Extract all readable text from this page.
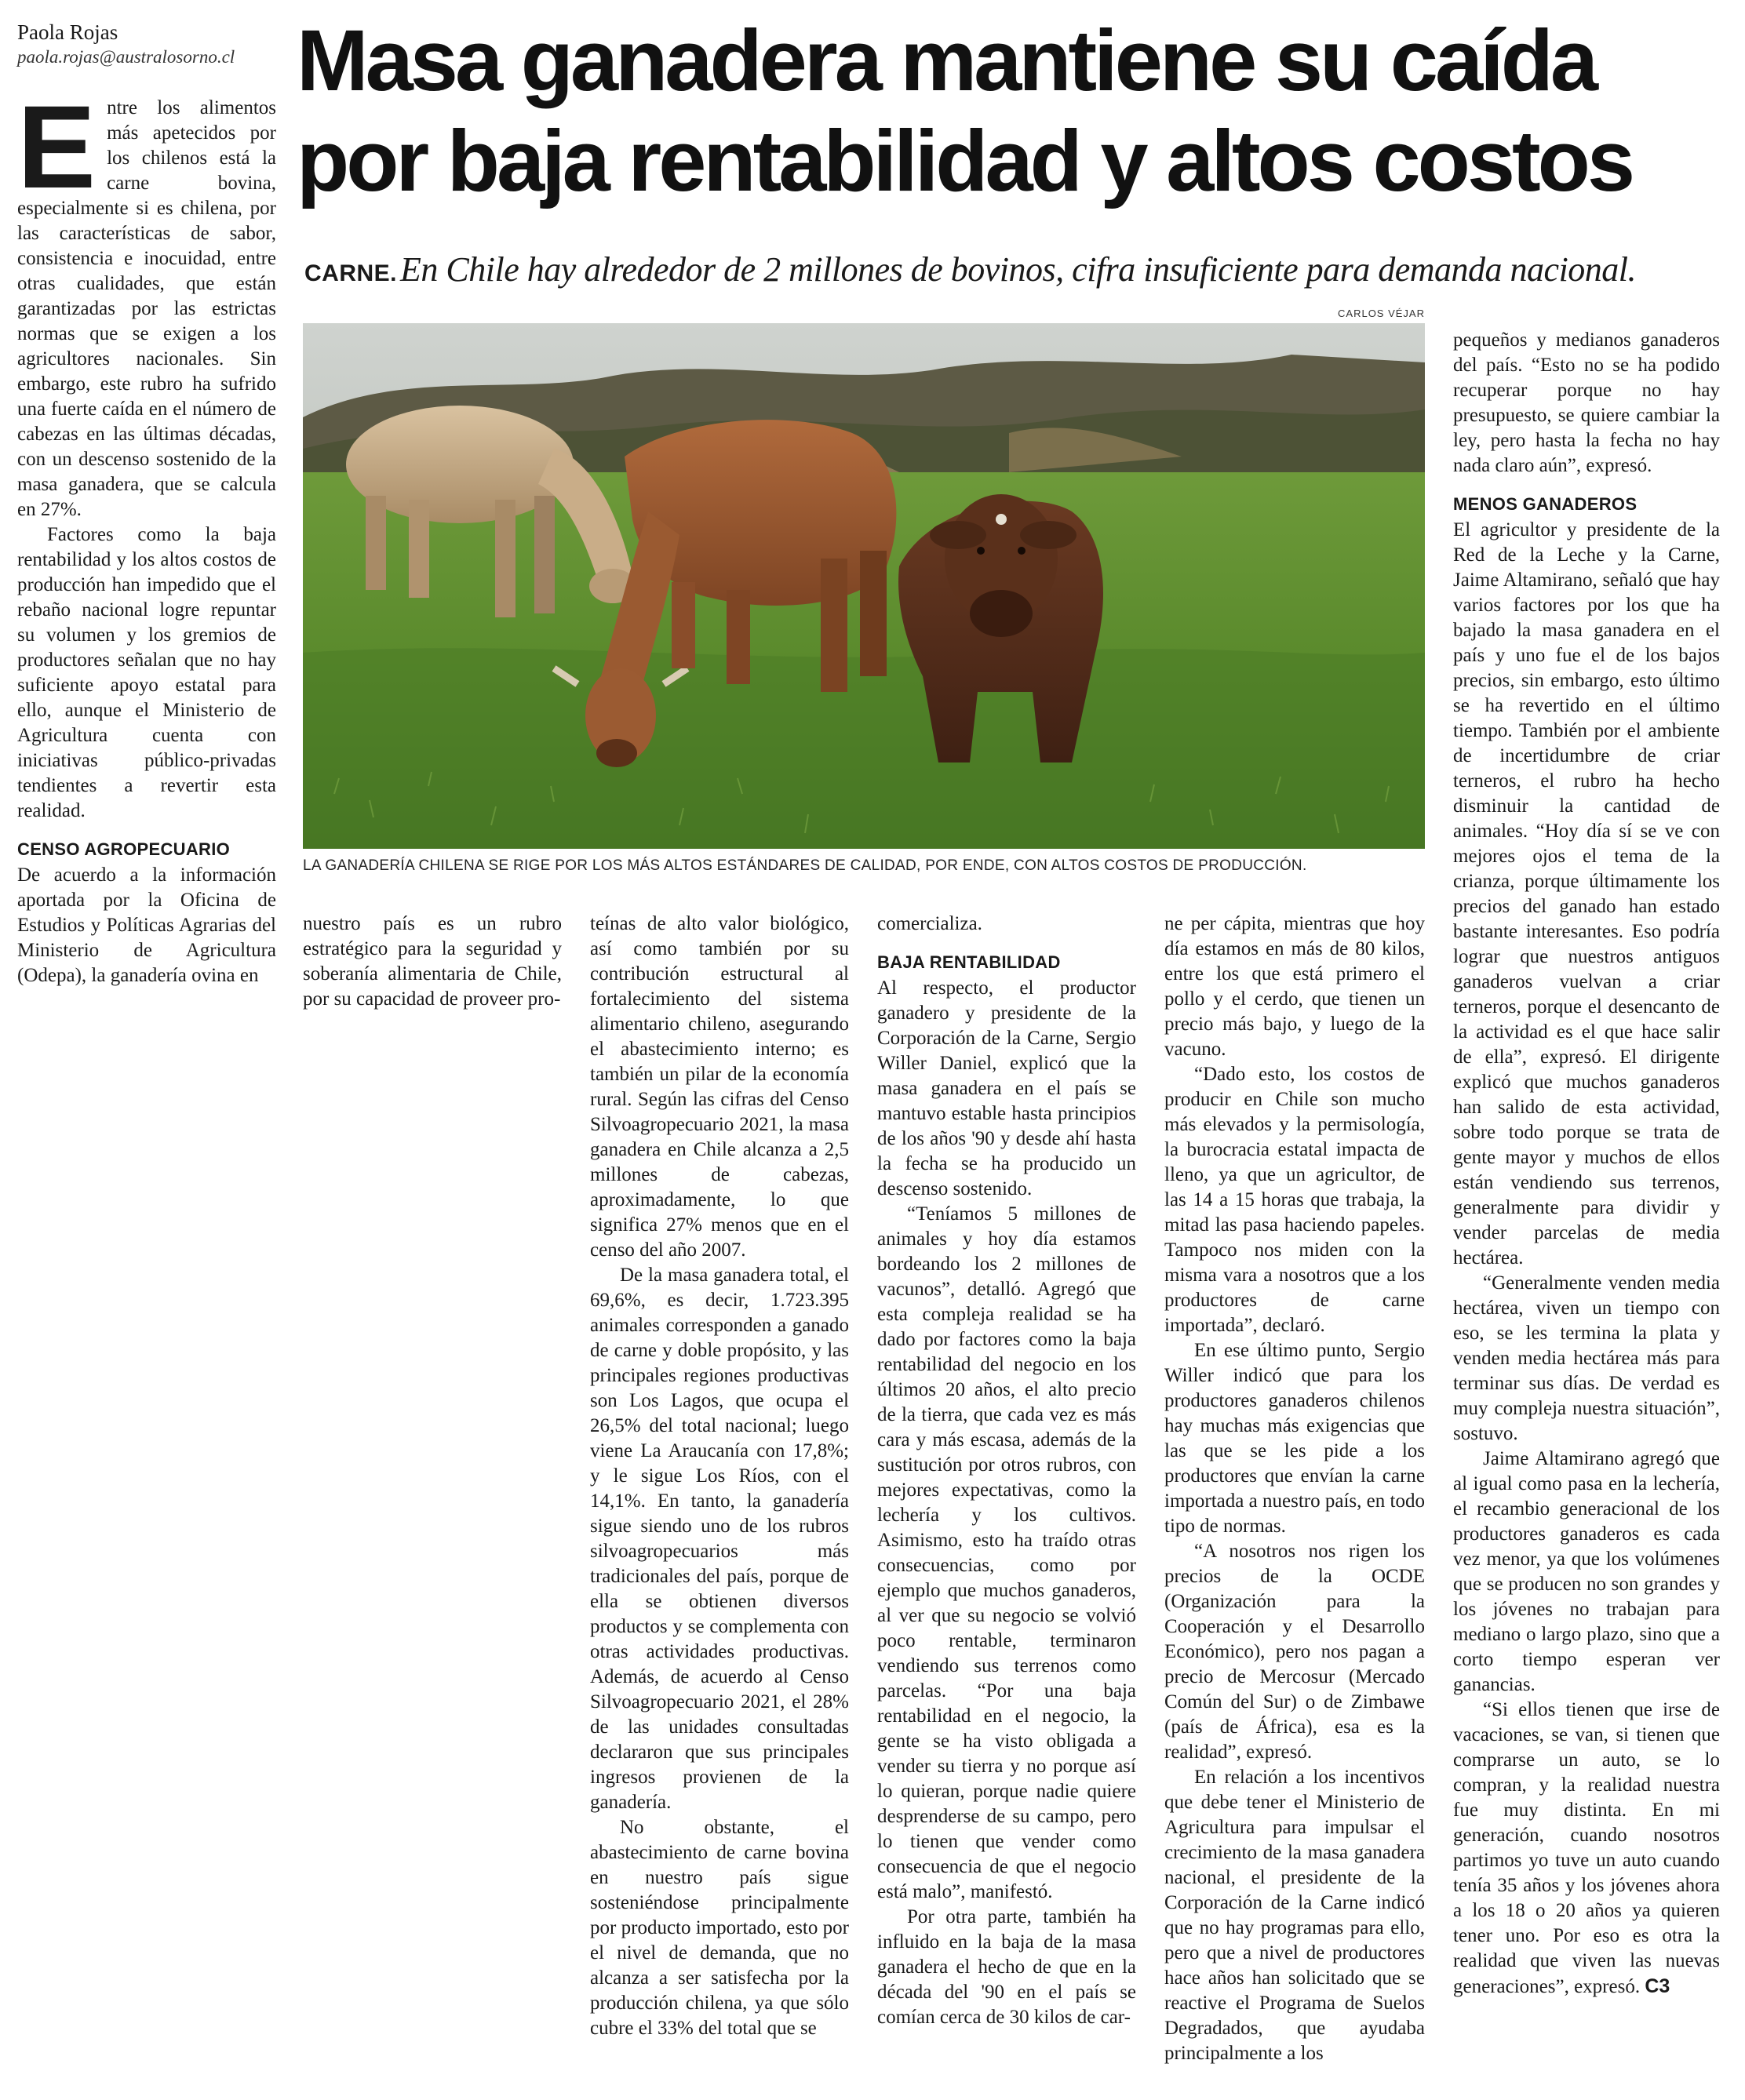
Paola Rojas
paola.rojas@australosorno.cl Masa ganadera mantiene su caída
por baja rentabilidad y altos costos
CARNE. En Chile hay alrededor de 2 millones de bovinos, cifra insuficiente para demanda nacional.
CARLOS VÉJAR
LA GANADERÍA CHILENA SE RIGE POR LOS MÁS ALTOS ESTÁNDARES DE CALIDAD, POR ENDE, CON ALTOS COSTOS DE PRODUCCIÓN.

Entre los alimentos más apetecidos por los chilenos está la carne bovina, especialmente si es chilena, por las características de sabor, consistencia e inocuidad, entre otras cualidades, que están garantizadas por las estrictas normas que se exigen a los agricultores nacionales. Sin embargo, este rubro ha sufrido una fuerte caída en el número de cabezas en las últimas décadas, con un descenso sostenido de la masa ganadera, que se calcula en 27%.

Factores como la baja rentabilidad y los altos costos de producción han impedido que el rebaño nacional logre repuntar su volumen y los gremios de productores señalan que no hay suficiente apoyo estatal para ello, aunque el Ministerio de Agricultura cuenta con iniciativas público-privadas tendientes a revertir esta realidad.

CENSO AGROPECUARIO

De acuerdo a la información aportada por la Oficina de Estudios y Políticas Agrarias del Ministerio de Agricultura (Odepa), la ganadería ovina en

nuestro país es un rubro estratégico para la seguridad y soberanía alimentaria de Chile, por su capacidad de proveer pro-

teínas de alto valor biológico, así como también por su contribución estructural al fortalecimiento del sistema alimentario chileno, asegurando el abastecimiento interno; es también un pilar de la economía rural. Según las cifras del Censo Silvoagropecuario 2021, la masa ganadera en Chile alcanza a 2,5 millones de cabezas, aproximadamente, lo que significa 27% menos que en el censo del año 2007.

De la masa ganadera total, el 69,6%, es decir, 1.723.395 animales corresponden a ganado de carne y doble propósito, y las principales regiones productivas son Los Lagos, que ocupa el 26,5% del total nacional; luego viene La Araucanía con 17,8%; y le sigue Los Ríos, con el 14,1%. En tanto, la ganadería sigue siendo uno de los rubros silvoagropecuarios más tradicionales del país, porque de ella se obtienen diversos productos y se complementa con otras actividades productivas. Además, de acuerdo al Censo Silvoagropecuario 2021, el 28% de las unidades consultadas declararon que sus principales ingresos provienen de la ganadería.

No obstante, el abastecimiento de carne bovina en nuestro país sigue sosteniéndose principalmente por producto importado, esto por el nivel de demanda, que no alcanza a ser satisfecha por la producción chilena, ya que sólo cubre el 33% del total que se

comercializa.

BAJA RENTABILIDAD

Al respecto, el productor ganadero y presidente de la Corporación de la Carne, Sergio Willer Daniel, explicó que la masa ganadera en el país se mantuvo estable hasta principios de los años '90 y desde ahí hasta la fecha se ha producido un descenso sostenido.

“Teníamos 5 millones de animales y hoy día estamos bordeando los 2 millones de vacunos”, detalló. Agregó que esta compleja realidad se ha dado por factores como la baja rentabilidad del negocio en los últimos 20 años, el alto precio de la tierra, que cada vez es más cara y más escasa, además de la sustitución por otros rubros, con mejores expectativas, como la lechería y los cultivos. Asimismo, esto ha traído otras consecuencias, como por ejemplo que muchos ganaderos, al ver que su negocio se volvió poco rentable, terminaron vendiendo sus terrenos como parcelas. “Por una baja rentabilidad en el negocio, la gente se ha visto obligada a vender su tierra y no porque así lo quieran, porque nadie quiere desprenderse de su campo, pero lo tienen que vender como consecuencia de que el negocio está malo”, manifestó.

Por otra parte, también ha influido en la baja de la masa ganadera el hecho de que en la década del '90 en el país se comían cerca de 30 kilos de car-

ne per cápita, mientras que hoy día estamos en más de 80 kilos, entre los que está primero el pollo y el cerdo, que tienen un precio más bajo, y luego de la vacuno.

“Dado esto, los costos de producir en Chile son mucho más elevados y la permisología, la burocracia estatal impacta de lleno, ya que un agricultor, de las 14 a 15 horas que trabaja, la mitad las pasa haciendo papeles. Tampoco nos miden con la misma vara a nosotros que a los productores de carne importada”, declaró.

En ese último punto, Sergio Willer indicó que para los productores ganaderos chilenos hay muchas más exigencias que las que se les pide a los productores que envían la carne importada a nuestro país, en todo tipo de normas.

“A nosotros nos rigen los precios de la OCDE (Organización para la Cooperación y el Desarrollo Económico), pero nos pagan a precio de Mercosur (Mercado Común del Sur) o de Zimbawe (país de África), esa es la realidad”, expresó.

En relación a los incentivos que debe tener el Ministerio de Agricultura para impulsar el crecimiento de la masa ganadera nacional, el presidente de la Corporación de la Carne indicó que no hay programas para ello, pero que a nivel de productores hace años han solicitado que se reactive el Programa de Suelos Degradados, que ayudaba principalmente a los

pequeños y medianos ganaderos del país. “Esto no se ha podido recuperar porque no hay presupuesto, se quiere cambiar la ley, pero hasta la fecha no hay nada claro aún”, expresó.

MENOS GANADEROS

El agricultor y presidente de la Red de la Leche y la Carne, Jaime Altamirano, señaló que hay varios factores por los que ha bajado la masa ganadera en el país y uno fue el de los bajos precios, sin embargo, esto último se ha revertido en el último tiempo. También por el ambiente de incertidumbre de criar terneros, el rubro ha hecho disminuir la cantidad de animales. “Hoy día sí se ve con mejores ojos el tema de la crianza, porque últimamente los precios del ganado han estado bastante interesantes. Eso podría lograr que nuestros antiguos ganaderos vuelvan a criar terneros, porque el desencanto de la actividad es el que hace salir de ella”, expresó. El dirigente explicó que muchos ganaderos han salido de esta actividad, sobre todo porque se trata de gente mayor y muchos de ellos están vendiendo sus terrenos, generalmente para dividir y vender parcelas de media hectárea.

“Generalmente venden media hectárea, viven un tiempo con eso, se les termina la plata y venden media hectárea más para terminar sus días. De verdad es muy compleja nuestra situación”, sostuvo.

Jaime Altamirano agregó que al igual como pasa en la lechería, el recambio generacional de los productores ganaderos es cada vez menor, ya que los volúmenes que se producen no son grandes y los jóvenes no trabajan para mediano o largo plazo, sino que a corto tiempo esperan ver ganancias.

“Si ellos tienen que irse de vacaciones, se van, si tienen que comprarse un auto, se lo compran, y la realidad nuestra fue muy distinta. En mi generación, cuando nosotros partimos yo tuve un auto cuando tenía 35 años y los jóvenes ahora a los 18 o 20 años ya quieren tener uno. Por eso es otra la realidad que viven las nuevas generaciones”, expresó. C3
